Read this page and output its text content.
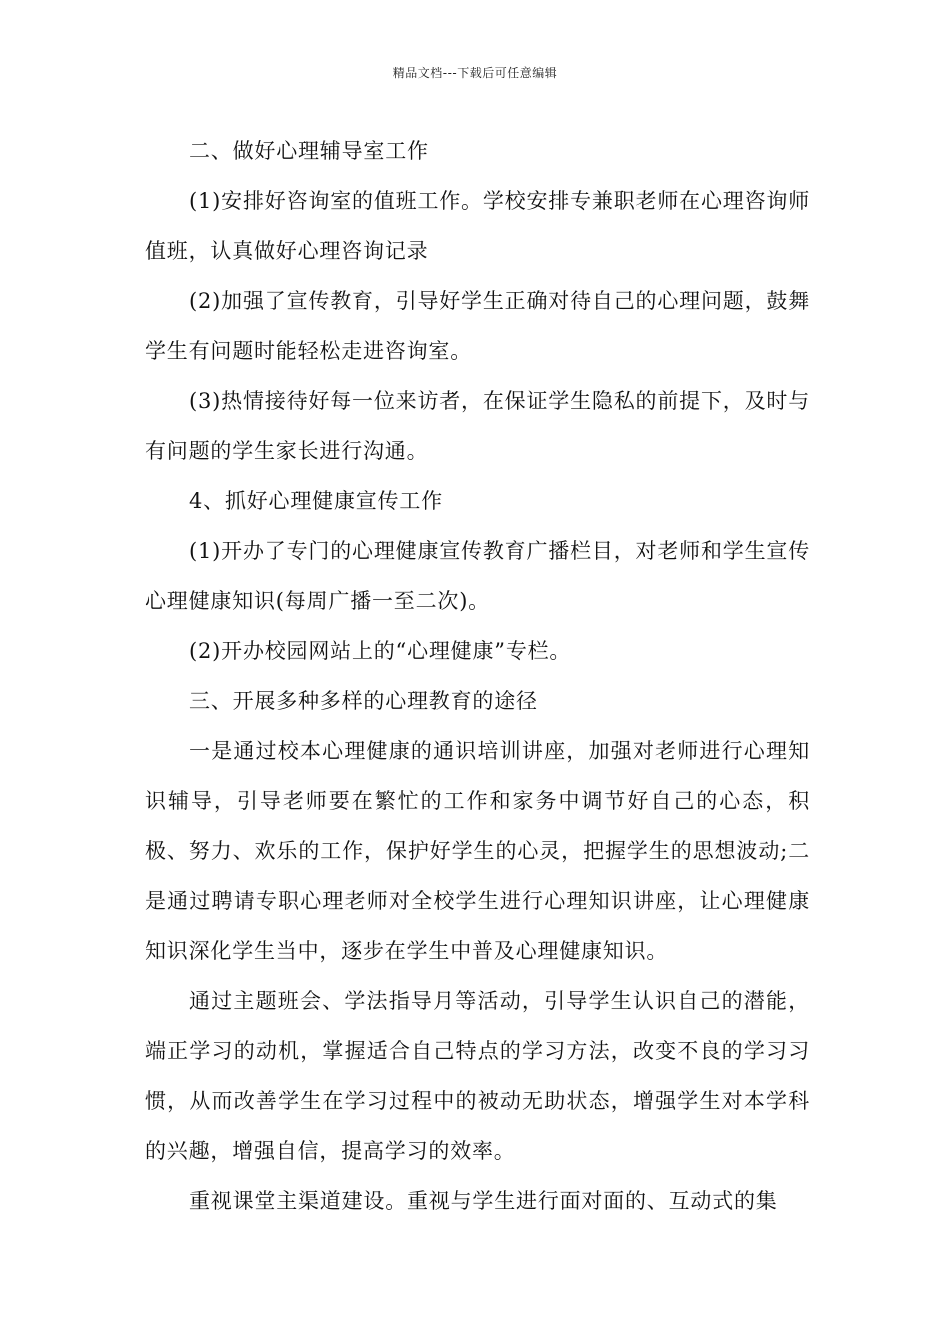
精品文档---下载后可任意编辑

二、做好心理辅导室工作

(1)安排好咨询室的值班工作。学校安排专兼职老师在心理咨询师值班，认真做好心理咨询记录

(2)加强了宣传教育，引导好学生正确对待自己的心理问题，鼓舞学生有问题时能轻松走进咨询室。

(3)热情接待好每一位来访者，在保证学生隐私的前提下，及时与有问题的学生家长进行沟通。

4、抓好心理健康宣传工作

(1)开办了专门的心理健康宣传教育广播栏目，对老师和学生宣传心理健康知识(每周广播一至二次)。

(2)开办校园网站上的“心理健康”专栏。

三、开展多种多样的心理教育的途径

一是通过校本心理健康的通识培训讲座，加强对老师进行心理知识辅导，引导老师要在繁忙的工作和家务中调节好自己的心态，积极、努力、欢乐的工作，保护好学生的心灵，把握学生的思想波动;二是通过聘请专职心理老师对全校学生进行心理知识讲座，让心理健康知识深化学生当中，逐步在学生中普及心理健康知识。

通过主题班会、学法指导月等活动，引导学生认识自己的潜能，端正学习的动机，掌握适合自己特点的学习方法，改变不良的学习习惯，从而改善学生在学习过程中的被动无助状态，增强学生对本学科的兴趣，增强自信，提高学习的效率。

重视课堂主渠道建设。重视与学生进行面对面的、互动式的集
